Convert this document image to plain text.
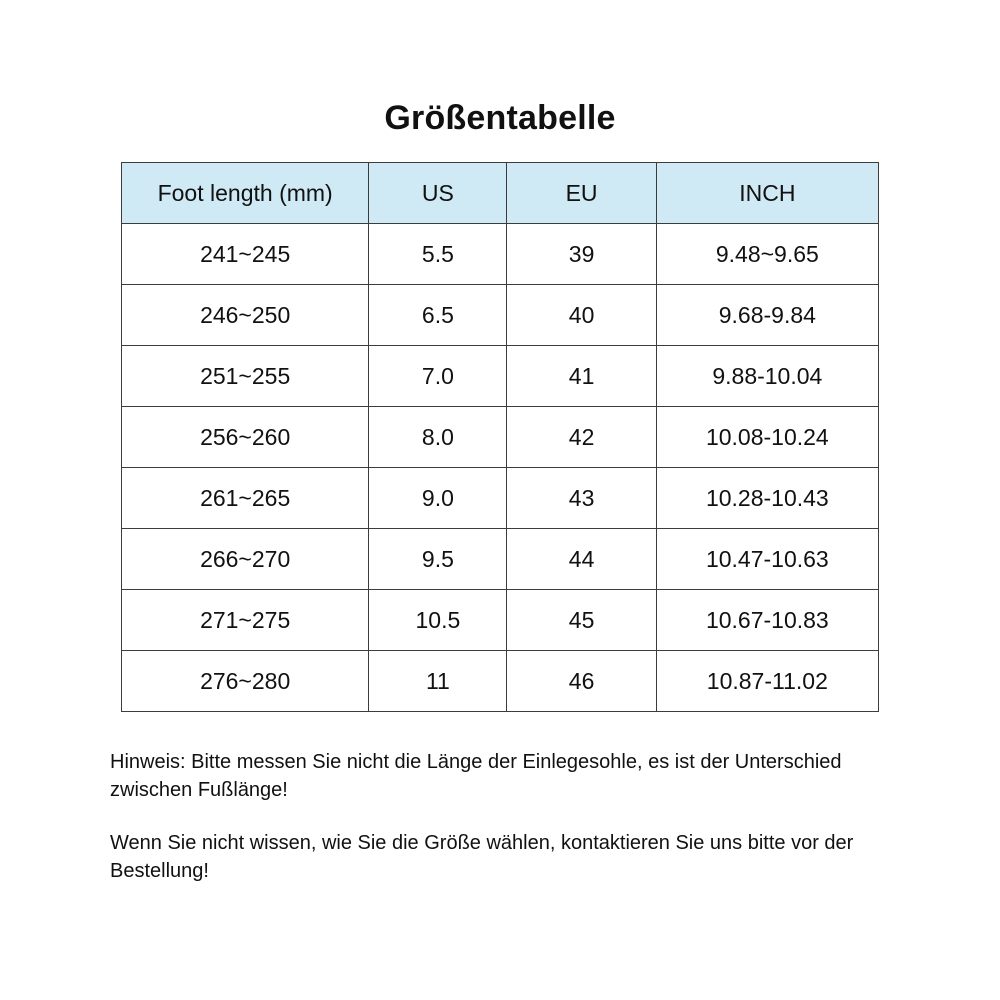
Größentabelle
Foot length (mm)	US	EU	INCH
241~245	5.5	39	9.48~9.65
246~250	6.5	40	9.68-9.84
251~255	7.0	41	9.88-10.04
256~260	8.0	42	10.08-10.24
261~265	9.0	43	10.28-10.43
266~270	9.5	44	10.47-10.63
271~275	10.5	45	10.67-10.83
276~280	11	46	10.87-11.02

Hinweis: Bitte messen Sie nicht die Länge der Einlegesohle, es ist der Unterschied zwischen Fußlänge!

Wenn Sie nicht wissen, wie Sie die Größe wählen, kontaktieren Sie uns bitte vor der Bestellung!
